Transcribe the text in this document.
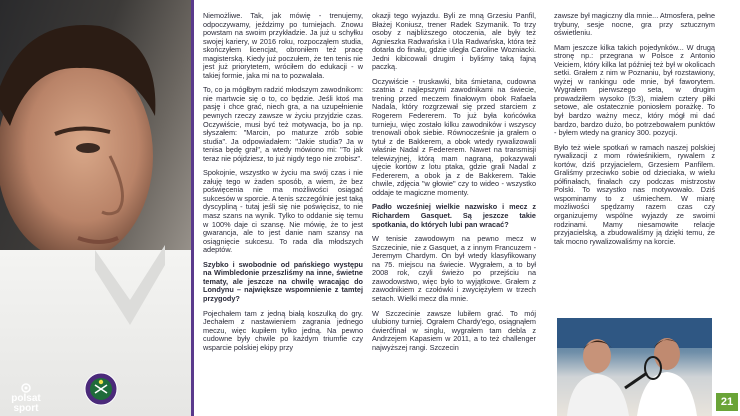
polsat
sport

Niemożliwe. Tak, jak mówię - trenujemy, odpoczywamy, jeździmy po turniejach. Znowu powstam na swoim przykładzie. Ja już u schyłku swojej kariery, w 2016 roku, rozpocząłem studia, skończyłem licencjat, obroniłem też pracę magisterską. Kiedy już poczułem, że ten tenis nie jest już priorytetem, wróciłem do edukacji - w takiej formie, jaka mi na to pozwalała.

To, co ja mógłbym radzić młodszym zawodnikom: nie martwcie się o to, co będzie. Jeśli ktoś ma pasję i chce grać, niech gra, a na uzupełnienie pewnych rzeczy zawsze w życiu przyjdzie czas. Oczywiście, musi być też motywacja, bo ja np. słyszałem: "Marcin, po maturze zrób sobie studia". Ja odpowiadałem: "Jakie studia? Ja w tenisa będę grał", a wtedy mówiono mi: "To jak teraz nie pójdziesz, to już nigdy tego nie zrobisz".

Spokojnie, wszystko w życiu ma swój czas i nie załuję tego w żaden sposób, a wiem, że bez poświęcenia nie ma możliwości osiągać sukcesów w sporcie. A tenis szczególnie jest taką dyscypliną - tutaj jeśli się nie poświęcisz, to nie masz szans na wynik. Tylko to oddanie się temu w 100% daje ci szansę. Nie mówię, że to jest gwarancja, ale to jest danie nam szansy na osiągnięcie sukcesu. To rada dla młodszych adeptów.

Szybko i swobodnie od pańskiego występu na Wimbledonie przeszliśmy na inne, świetne tematy, ale jeszcze na chwilę wracając do Londynu – największe wspomnienie z tamtej przygody?

Pojechałem tam z jedną białą koszulką do gry. Jechałem z nastawieniem zagrania jednego meczu, więc kupiłem tylko jedną. Na pewno cudowne były chwile po każdym triumfie czy wsparcie polskiej ekipy przy

okazji tego wyjazdu. Byli ze mną Grzesiu Panfil, Błażej Koniusz, trener Radek Szymanik. To trzy osoby z najbliższego otoczenia, ale były też Agnieszka Radwańska i Ula Radwańska, która też dotarła do finału, gdzie uległa Caroline Wozniacki. Jedni kibicowali drugim i byliśmy taką fajną paczką.

Oczywiście - truskawki, bita śmietana, cudowna szatnia z najlepszymi zawodnikami na świecie, trening przed meczem finałowym obok Rafaela Nadala, który rozgrzewał się przed starciem z Rogerem Federerem. To już była końcówka turnieju, więc zostało kilku zawodników i wszyscy trenowali obok siebie. Równocześnie ja grałem o tytuł z de Bakkerem, a obok wtedy rywalizowali właśnie Nadal z Federerem. Nawet na transmisji telewizyjnej, którą mam nagraną, pokazywali ujęcie kortów z lotu ptaka, gdzie grali Nadal z Federerem, a obok ja z de Bakkerem. Takie chwile, zdjęcia "w głowie" czy to wideo - wszystko oddaje te magiczne momenty.

Padło wcześniej wielkie nazwisko i mecz z Richardem Gasquet. Są jeszcze takie spotkania, do których lubi pan wracać?

W tenisie zawodowym na pewno mecz w Szczecinie, nie z Gasquet, a z innym Francuzem - Jeremym Chardym. On był wtedy klasyfikowany na 75. miejscu na świecie. Wygrałem, a to był 2008 rok, czyli świeżo po przejściu na zawodowstwo, więc było to wyjątkowe. Grałem z zawodnikiem z czołówki i zwyciężyłem w trzech setach. Wielki mecz dla mnie.

W Szczecinie zawsze lubiłem grać. To mój ulubiony turniej. Ograłem Chardy'ego, osiągnąłem ćwierćfinał w singlu, wygrałem tam debla z Andrzejem Kapasiem w 2011, a to też challenger najwyższej rangi. Szczecin

zawsze był magiczny dla mnie... Atmosfera, pełne trybuny, sesje nocne, gra przy sztucznym oświetleniu.

Mam jeszcze kilka takich pojedynków... W drugą stronę np.: przegrana w Polsce z Antonio Veiciem, który kilka lat później też był w okolicach setki. Grałem z nim w Poznaniu, był rozstawiony, wyżej w rankingu ode mnie, był faworytem. Wygrałem pierwszego seta, w drugim prowadziłem wysoko (5:3), miałem cztery piłki setowe, ale ostatecznie poniosłem porażkę. To był bardzo ważny mecz, który mógł mi dać bardzo, bardzo dużo, bo potrzebowałem punktów - byłem wtedy na granicy 300. pozycji.

Było też wiele spotkań w ramach naszej polskiej rywalizacji z mom rówieśnikiem, rywalem z kortów, dziś przyjacielem, Grzesiem Panfilem. Graliśmy przeciwko sobie od dzieciaka, w wielu półfinałach, finałach czy podczas mistrzostw Polski. To wszystko nas motywowało. Dziś wspominamy to z uśmiechem. W miarę możliwości spędzamy razem czas czy organizujemy wspólne wyjazdy ze swoimi rodzinami. Mamy niesamowite relacje przyjacielską, a zbudowaliśmy ją dzięki temu, że tak mocno rywalizowaliśmy na korcie.

21
